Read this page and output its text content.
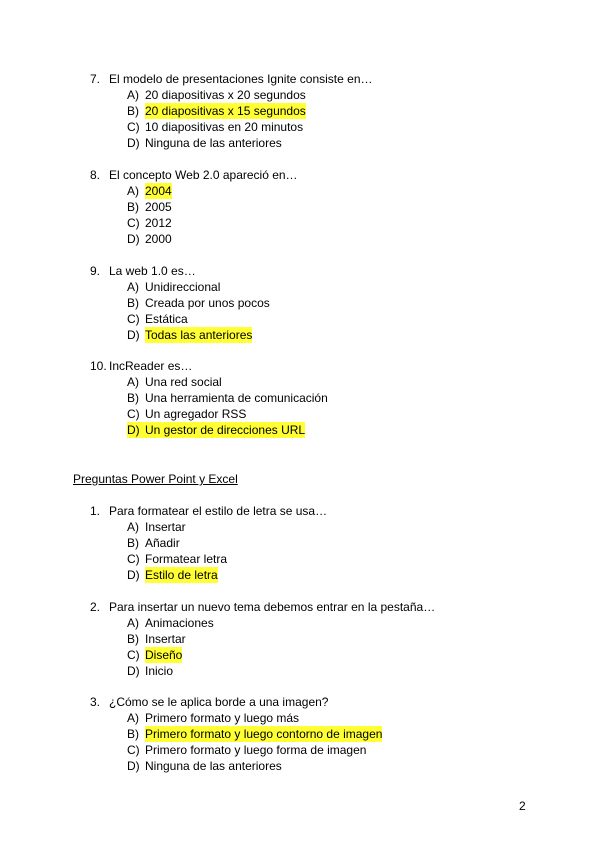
7. El modelo de presentaciones Ignite consiste en…
A) 20 diapositivas x 20 segundos
B) 20 diapositivas x 15 segundos
C) 10 diapositivas en 20 minutos
D) Ninguna de las anteriores
8. El concepto Web 2.0 apareció en…
A) 2004
B) 2005
C) 2012
D) 2000
9. La web 1.0 es…
A) Unidireccional
B) Creada por unos pocos
C) Estática
D) Todas las anteriores
10. IncReader es…
A) Una red social
B) Una herramienta de comunicación
C) Un agregador RSS
D) Un gestor de direcciones URL
Preguntas Power Point y Excel
1. Para formatear el estilo de letra se usa…
A) Insertar
B) Añadir
C) Formatear letra
D) Estilo de letra
2. Para insertar un nuevo tema debemos entrar en la pestaña…
A) Animaciones
B) Insertar
C) Diseño
D) Inicio
3. ¿Cómo se le aplica borde a una imagen?
A) Primero formato y luego más
B) Primero formato y luego contorno de imagen
C) Primero formato y luego forma de imagen
D) Ninguna de las anteriores
2
